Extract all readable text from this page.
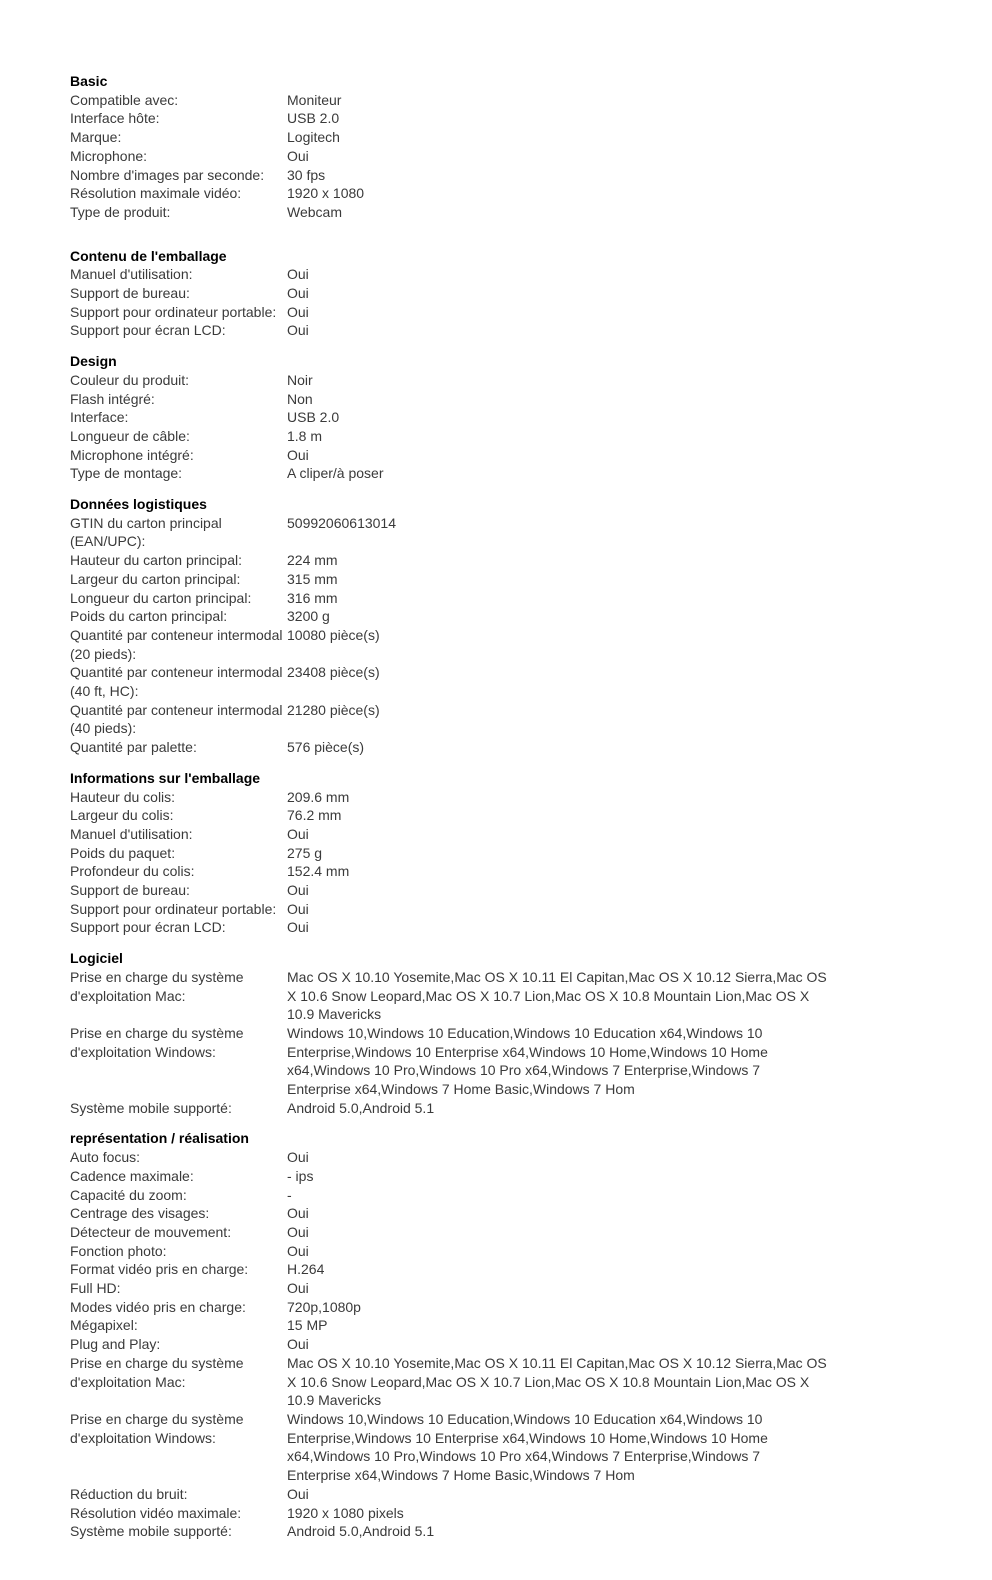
Basic
Compatible avec:	Moniteur
Interface hôte:	USB 2.0
Marque:	Logitech
Microphone:	Oui
Nombre d'images par seconde:	30 fps
Résolution maximale vidéo:	1920 x 1080
Type de produit:	Webcam
Contenu de l'emballage
Manuel d'utilisation:	Oui
Support de bureau:	Oui
Support pour ordinateur portable: Oui
Support pour écran LCD:	Oui
Design
Couleur du produit:	Noir
Flash intégré:	Non
Interface:	USB 2.0
Longueur de câble:	1.8 m
Microphone intégré:	Oui
Type de montage:	A cliper/à poser
Données logistiques
GTIN du carton principal (EAN/UPC):
50992060613014
Hauteur du carton principal:	224 mm
Largeur du carton principal:	315 mm
Longueur du carton principal:	316 mm
Poids du carton principal:	3200 g
Quantité par conteneur intermodal (20 pieds):
10080 pièce(s)
Quantité par conteneur intermodal (40 ft, HC):
23408 pièce(s)
Quantité par conteneur intermodal (40 pieds):
21280 pièce(s)
Quantité par palette:	576 pièce(s)
Informations sur l'emballage
Hauteur du colis:	209.6 mm
Largeur du colis:	76.2 mm
Manuel d'utilisation:	Oui
Poids du paquet:	275 g
Profondeur du colis:	152.4 mm
Support de bureau:	Oui
Support pour ordinateur portable: Oui
Support pour écran LCD:	Oui
Logiciel
Prise en charge du système d'exploitation Mac:
Mac OS X 10.10 Yosemite,Mac OS X 10.11 El Capitan,Mac OS X 10.12 Sierra,Mac OS X 10.6 Snow Leopard,Mac OS X 10.7 Lion,Mac OS X 10.8 Mountain Lion,Mac OS X 10.9 Mavericks
Prise en charge du système d'exploitation Windows:
Windows 10,Windows 10 Education,Windows 10 Education x64,Windows 10 Enterprise,Windows 10 Enterprise x64,Windows 10 Home,Windows 10 Home x64,Windows 10 Pro,Windows 10 Pro x64,Windows 7 Enterprise,Windows 7 Enterprise x64,Windows 7 Home Basic,Windows 7 Hom
Système mobile supporté:	Android 5.0,Android 5.1
représentation / réalisation
Auto focus:	Oui
Cadence maximale:	- ips
Capacité du zoom:	-
Centrage des visages:	Oui
Détecteur de mouvement:	Oui
Fonction photo:	Oui
Format vidéo pris en charge:	H.264
Full HD:	Oui
Modes vidéo pris en charge:	720p,1080p
Mégapixel:	15 MP
Plug and Play:	Oui
Prise en charge du système d'exploitation Mac:
Mac OS X 10.10 Yosemite,Mac OS X 10.11 El Capitan,Mac OS X 10.12 Sierra,Mac OS X 10.6 Snow Leopard,Mac OS X 10.7 Lion,Mac OS X 10.8 Mountain Lion,Mac OS X 10.9 Mavericks
Prise en charge du système d'exploitation Windows:
Windows 10,Windows 10 Education,Windows 10 Education x64,Windows 10 Enterprise,Windows 10 Enterprise x64,Windows 10 Home,Windows 10 Home x64,Windows 10 Pro,Windows 10 Pro x64,Windows 7 Enterprise,Windows 7 Enterprise x64,Windows 7 Home Basic,Windows 7 Hom
Réduction du bruit:	Oui
Résolution vidéo maximale:	1920 x 1080 pixels
Système mobile supporté:	Android 5.0,Android 5.1
